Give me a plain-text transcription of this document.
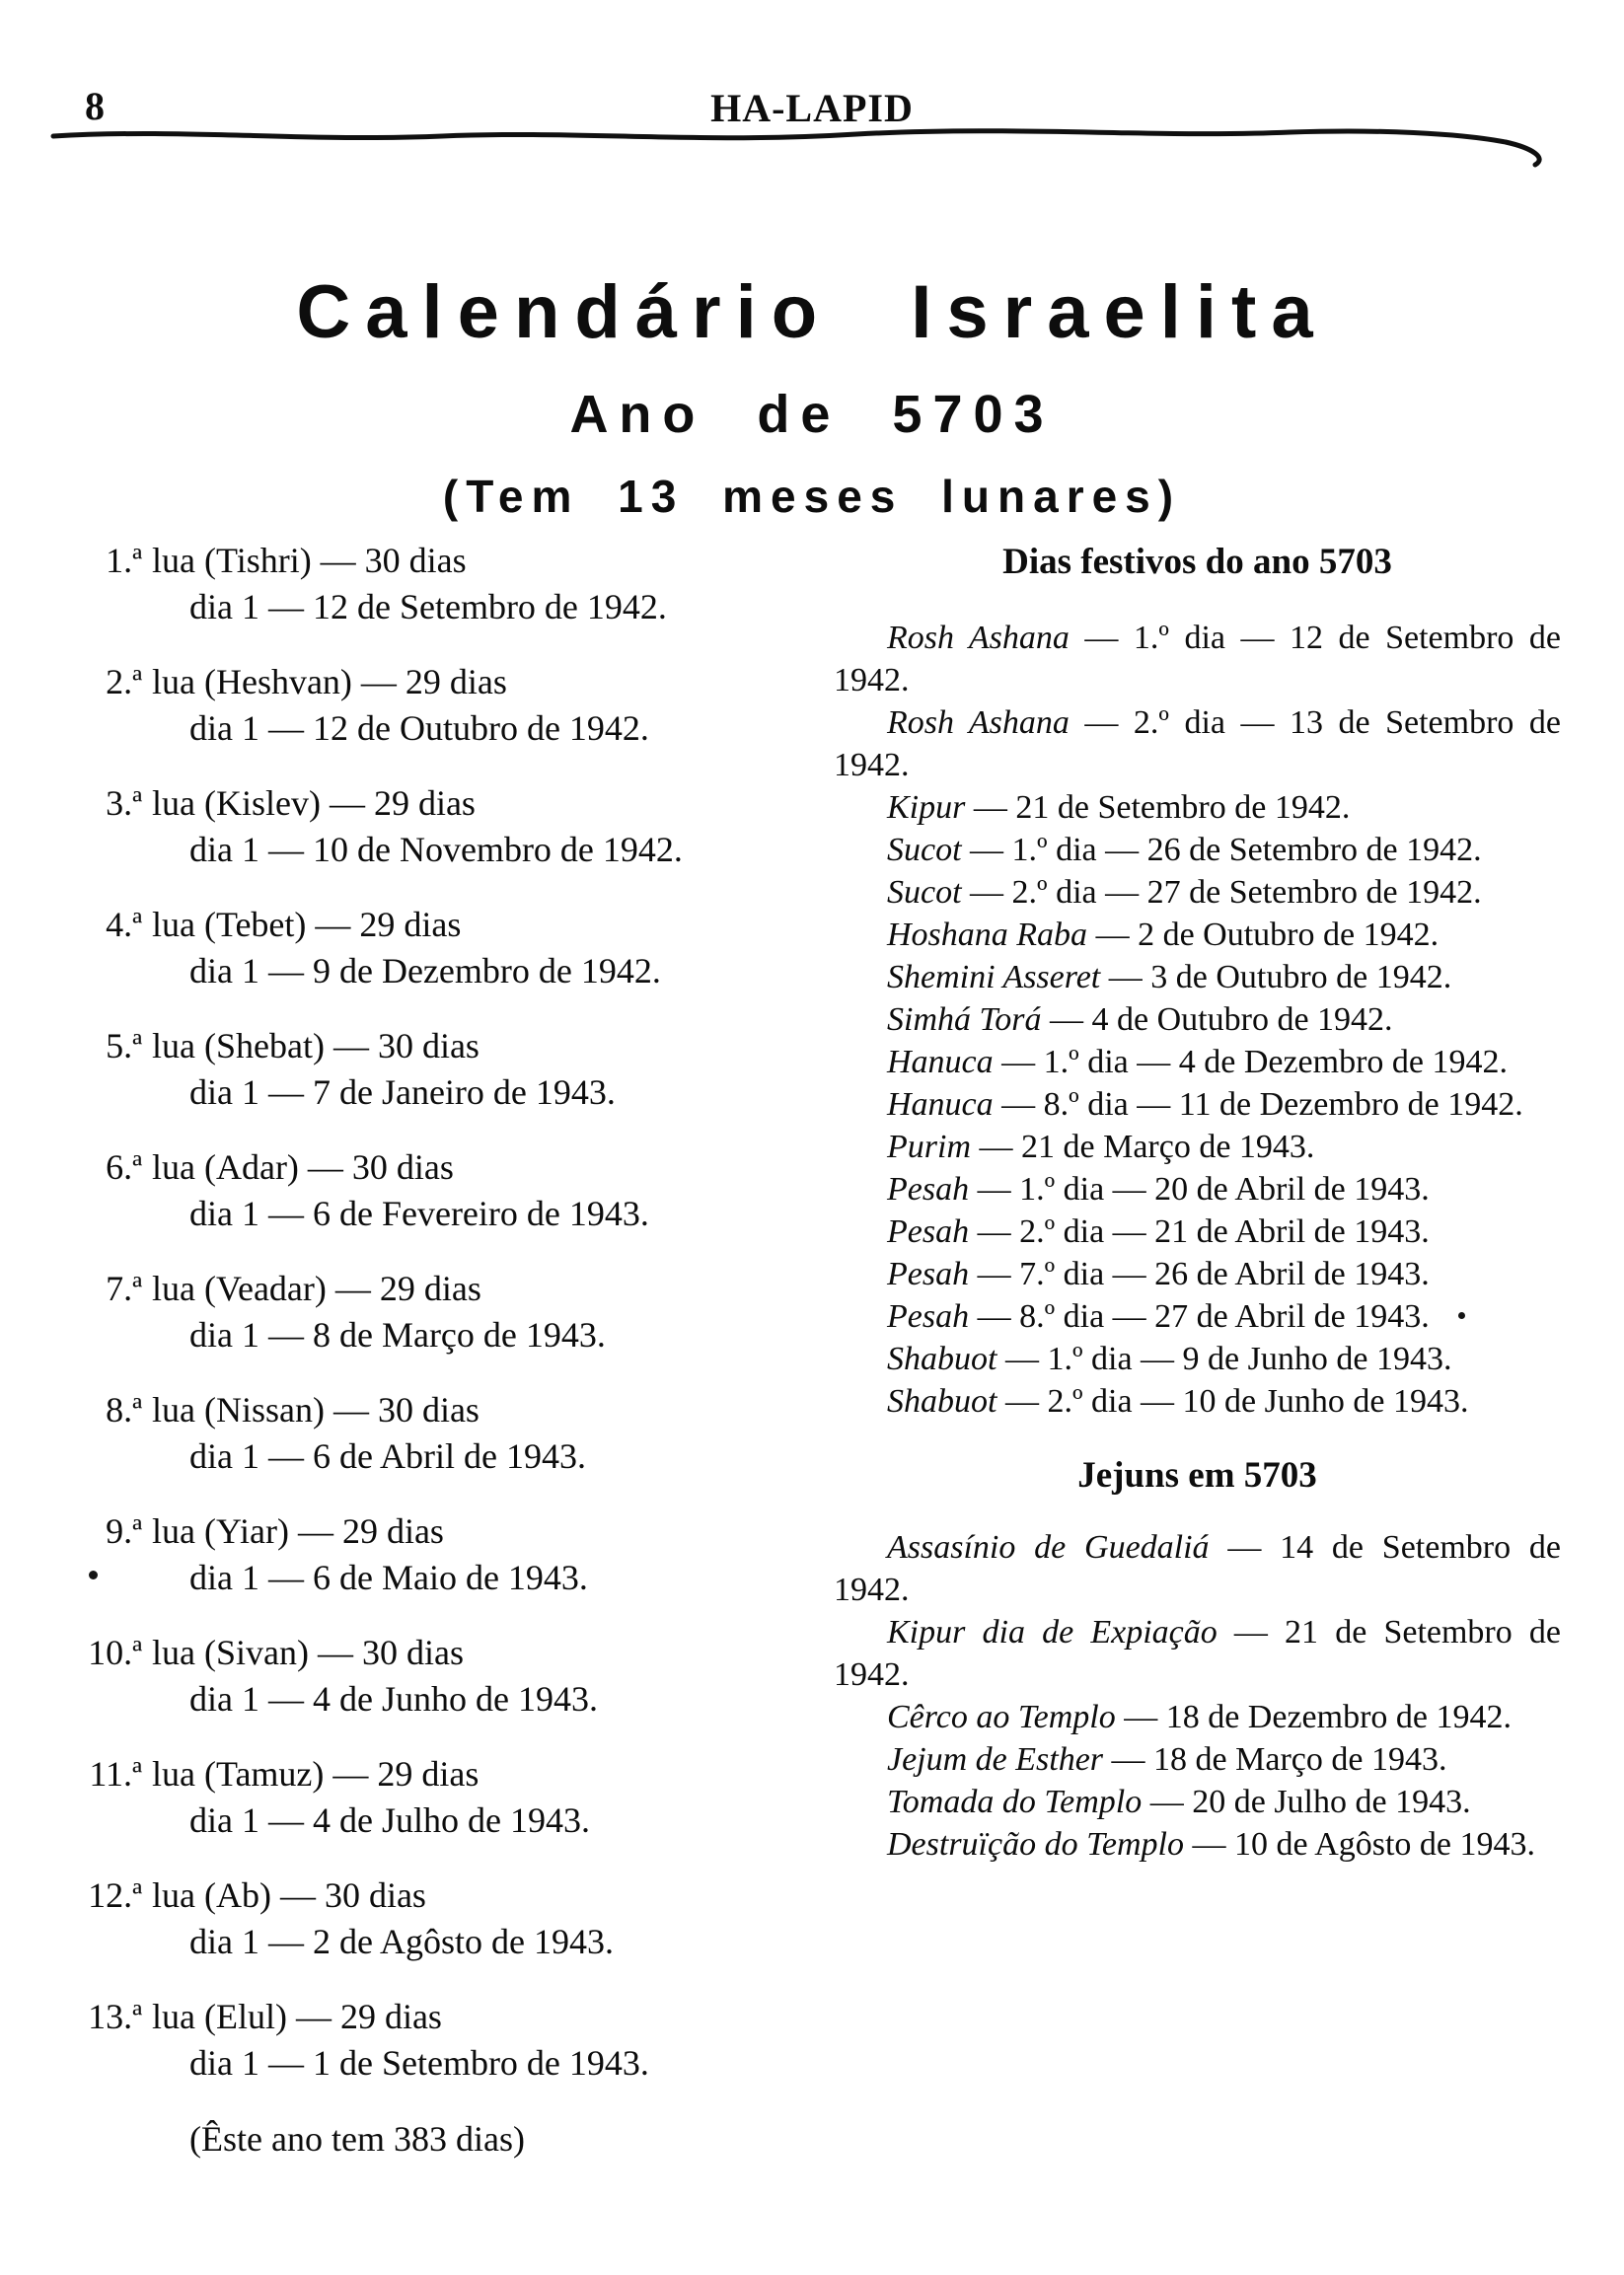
8	HA-LAPID
Calendário Israelita
Ano de 5703
(Tem 13 meses lunares)

1.ª lua (Tishri) — 30 dias

dia 1 — 12 de Setembro de 1942.

2.ª lua (Heshvan) — 29 dias

dia 1 — 12 de Outubro de 1942.

3.ª lua (Kislev) — 29 dias

dia 1 — 10 de Novembro de 1942.

4.ª lua (Tebet) — 29 dias

dia 1 — 9 de Dezembro de 1942.

5.ª lua (Shebat) — 30 dias

dia 1 — 7 de Janeiro de 1943.

6.ª lua (Adar) — 30 dias

dia 1 — 6 de Fevereiro de 1943.

7.ª lua (Veadar) — 29 dias

dia 1 — 8 de Março de 1943.

8.ª lua (Nissan) — 30 dias

dia 1 — 6 de Abril de 1943.

9.ª lua (Yiar) — 29 dias

dia 1 — 6 de Maio de 1943.

10.ª lua (Sivan) — 30 dias

dia 1 — 4 de Junho de 1943.

11.ª lua (Tamuz) — 29 dias

dia 1 — 4 de Julho de 1943.

12.ª lua (Ab) — 30 dias

dia 1 — 2 de Agôsto de 1943.

13.ª lua (Elul) — 29 dias

dia 1 — 1 de Setembro de 1943.

(Êste ano tem 383 dias)

Dias festivos do ano 5703

Rosh Ashana — 1.º dia — 12 de Setembro de 1942.

Rosh Ashana — 2.º dia — 13 de Setembro de 1942.

Kipur — 21 de Setembro de 1942.

Sucot — 1.º dia — 26 de Setembro de 1942.

Sucot — 2.º dia — 27 de Setembro de 1942.

Hoshana Raba — 2 de Outubro de 1942.

Shemini Asseret — 3 de Outubro de 1942.

Simhá Torá — 4 de Outubro de 1942.

Hanuca — 1.º dia — 4 de Dezembro de 1942.

Hanuca — 8.º dia — 11 de Dezembro de 1942.

Purim — 21 de Março de 1943.

Pesah — 1.º dia — 20 de Abril de 1943.

Pesah — 2.º dia — 21 de Abril de 1943.

Pesah — 7.º dia — 26 de Abril de 1943.

Pesah — 8.º dia — 27 de Abril de 1943.

Shabuot — 1.º dia — 9 de Junho de 1943.

Shabuot — 2.º dia — 10 de Junho de 1943.

Jejuns em 5703

Assasínio de Guedaliá — 14 de Setembro de 1942.

Kipur dia de Expiação — 21 de Setembro de 1942.

Cêrco ao Templo — 18 de Dezembro de 1942.

Jejum de Esther — 18 de Março de 1943.

Tomada do Templo — 20 de Julho de 1943.

Destruïção do Templo — 10 de Agôsto de 1943.
